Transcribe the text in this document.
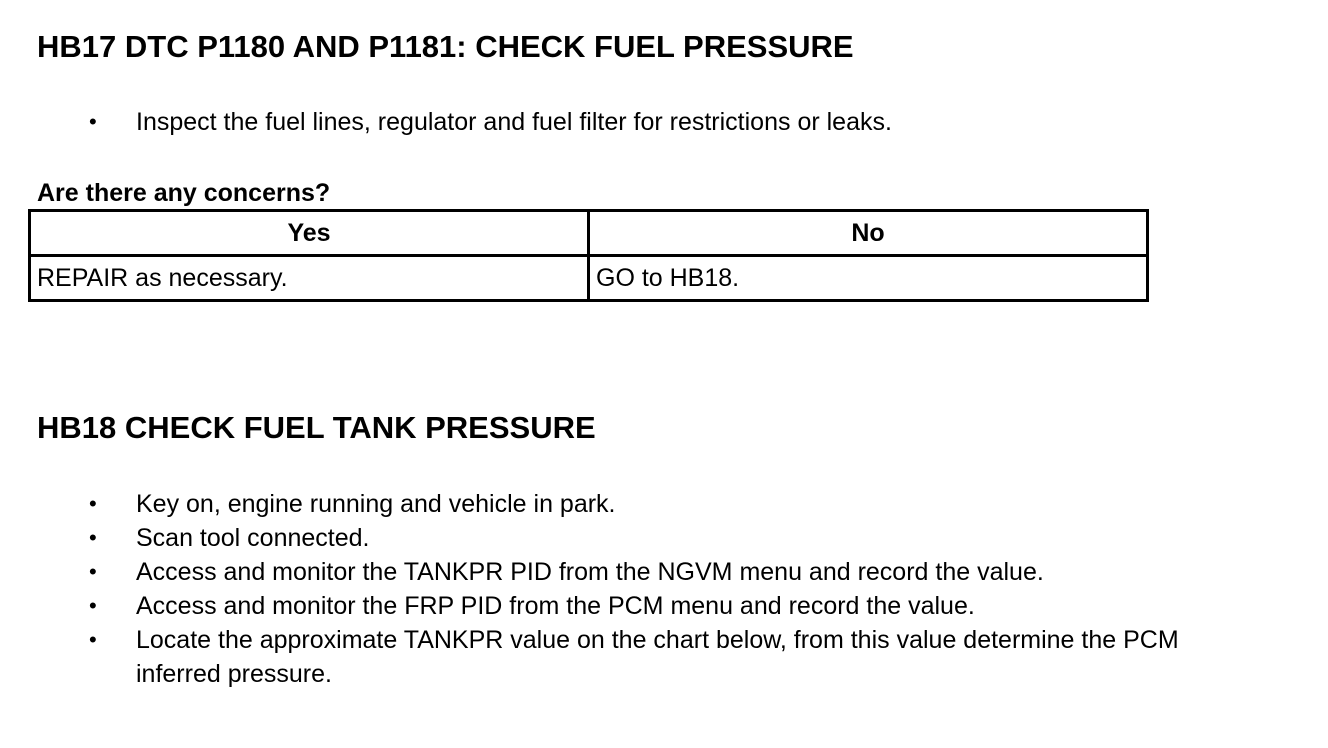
HB17 DTC P1180 AND P1181: CHECK FUEL PRESSURE
• Inspect the fuel lines, regulator and fuel filter for restrictions or leaks.

Are there any concerns?

Yes	No
REPAIR as necessary.	GO to HB18.
HB18 CHECK FUEL TANK PRESSURE
• Key on, engine running and vehicle in park.
• Scan tool connected.
• Access and monitor the TANKPR PID from the NGVM menu and record the value.
• Access and monitor the FRP PID from the PCM menu and record the value.
• Locate the approximate TANKPR value on the chart below, from this value determine the PCM inferred pressure.
